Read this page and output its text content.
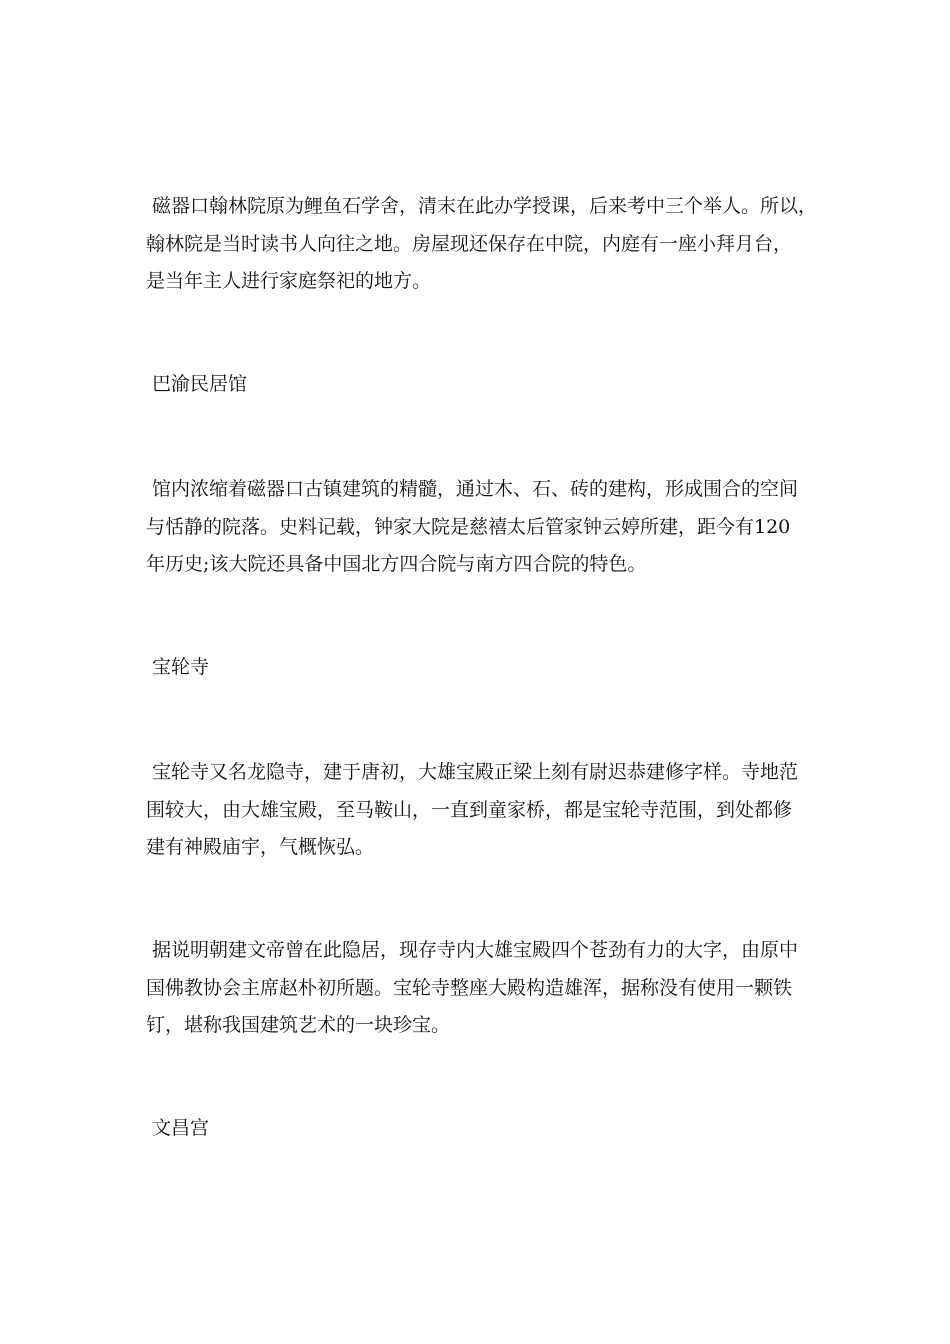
磁器口翰林院原为鲤鱼石学舍，清末在此办学授课，后来考中三个举人。所以，

翰林院是当时读书人向往之地。房屋现还保存在中院，内庭有一座小拜月台，

是当年主人进行家庭祭祀的地方。

巴渝民居馆

馆内浓缩着磁器口古镇建筑的精髓，通过木、石、砖的建构，形成围合的空间

与恬静的院落。史料记载，钟家大院是慈禧太后管家钟云婷所建，距今有120

年历史;该大院还具备中国北方四合院与南方四合院的特色。

宝轮寺

宝轮寺又名龙隐寺，建于唐初，大雄宝殿正梁上刻有尉迟恭建修字样。寺地范

围较大，由大雄宝殿，至马鞍山，一直到童家桥，都是宝轮寺范围，到处都修

建有神殿庙宇，气概恢弘。

据说明朝建文帝曾在此隐居，现存寺内大雄宝殿四个苍劲有力的大字，由原中

国佛教协会主席赵朴初所题。宝轮寺整座大殿构造雄浑，据称没有使用一颗铁

钉，堪称我国建筑艺术的一块珍宝。

文昌宫
